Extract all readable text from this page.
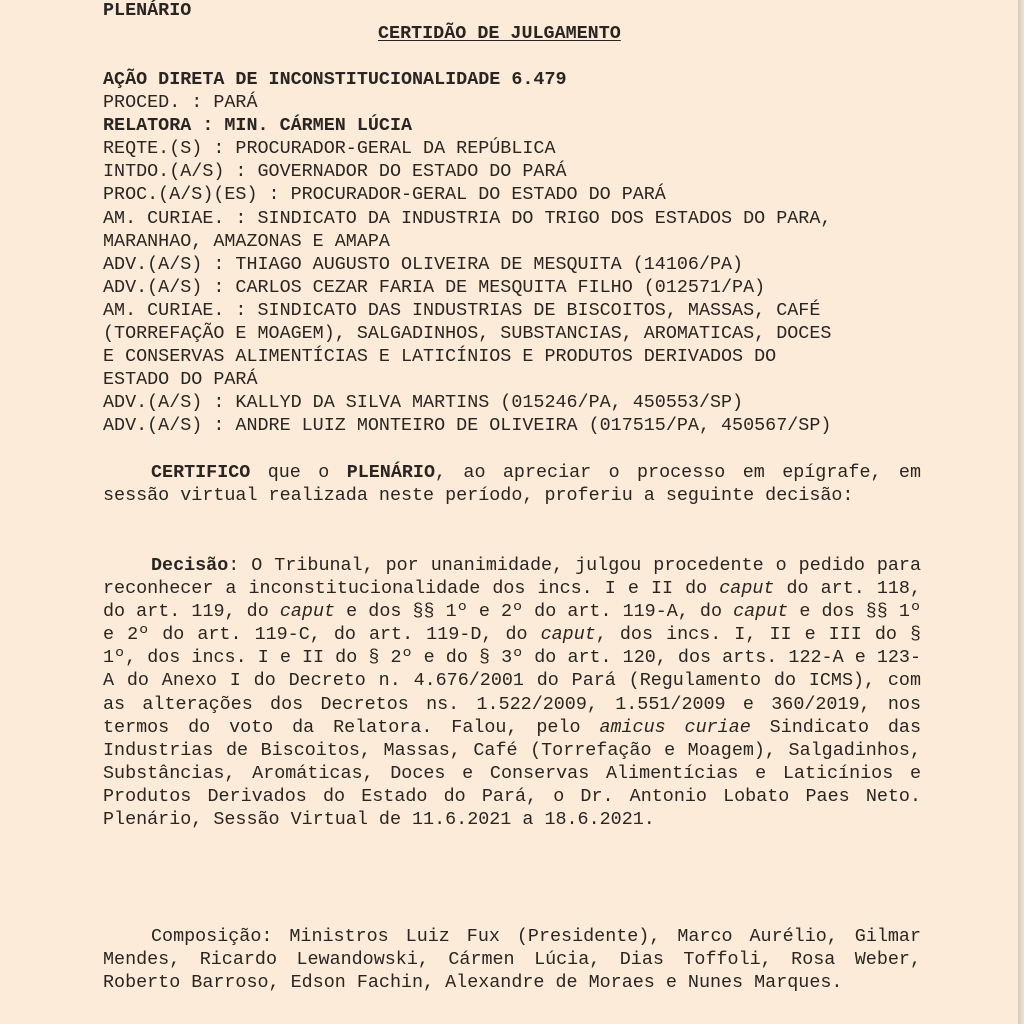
PLENÁRIO
CERTIDÃO DE JULGAMENTO
AÇÃO DIRETA DE INCONSTITUCIONALIDADE 6.479
PROCED. : PARÁ
RELATORA : MIN. CÁRMEN LÚCIA
REQTE.(S) : PROCURADOR-GERAL DA REPÚBLICA
INTDO.(A/S) : GOVERNADOR DO ESTADO DO PARÁ
PROC.(A/S)(ES) : PROCURADOR-GERAL DO ESTADO DO PARÁ
AM. CURIAE. : SINDICATO DA INDUSTRIA DO TRIGO DOS ESTADOS DO PARA,
MARANHAO, AMAZONAS E AMAPA
ADV.(A/S) : THIAGO AUGUSTO OLIVEIRA DE MESQUITA (14106/PA)
ADV.(A/S) : CARLOS CEZAR FARIA DE MESQUITA FILHO (012571/PA)
AM. CURIAE. : SINDICATO DAS INDUSTRIAS DE BISCOITOS, MASSAS, CAFÉ
(TORREFAÇÃO E MOAGEM), SALGADINHOS, SUBSTANCIAS, AROMATICAS, DOCES
E CONSERVAS ALIMENTÍCIAS E LATICÍNIOS E PRODUTOS DERIVADOS DO
ESTADO DO PARÁ
ADV.(A/S) : KALLYD DA SILVA MARTINS (015246/PA, 450553/SP)
ADV.(A/S) : ANDRE LUIZ MONTEIRO DE OLIVEIRA (017515/PA, 450567/SP)
CERTIFICO que o PLENÁRIO, ao apreciar o processo em epígrafe, em sessão virtual realizada neste período, proferiu a seguinte decisão:
Decisão: O Tribunal, por unanimidade, julgou procedente o pedido para reconhecer a inconstitucionalidade dos incs. I e II do caput do art. 118, do art. 119, do caput e dos §§ 1º e 2º do art. 119-A, do caput e dos §§ 1º e 2º do art. 119-C, do art. 119-D, do caput, dos incs. I, II e III do § 1º, dos incs. I e II do § 2º e do § 3º do art. 120, dos arts. 122-A e 123-A do Anexo I do Decreto n. 4.676/2001 do Pará (Regulamento do ICMS), com as alterações dos Decretos ns. 1.522/2009, 1.551/2009 e 360/2019, nos termos do voto da Relatora. Falou, pelo amicus curiae Sindicato das Industrias de Biscoitos, Massas, Café (Torrefação e Moagem), Salgadinhos, Substâncias, Aromáticas, Doces e Conservas Alimentícias e Laticínios e Produtos Derivados do Estado do Pará, o Dr. Antonio Lobato Paes Neto. Plenário, Sessão Virtual de 11.6.2021 a 18.6.2021.
Composição: Ministros Luiz Fux (Presidente), Marco Aurélio, Gilmar Mendes, Ricardo Lewandowski, Cármen Lúcia, Dias Toffoli, Rosa Weber, Roberto Barroso, Edson Fachin, Alexandre de Moraes e Nunes Marques.
